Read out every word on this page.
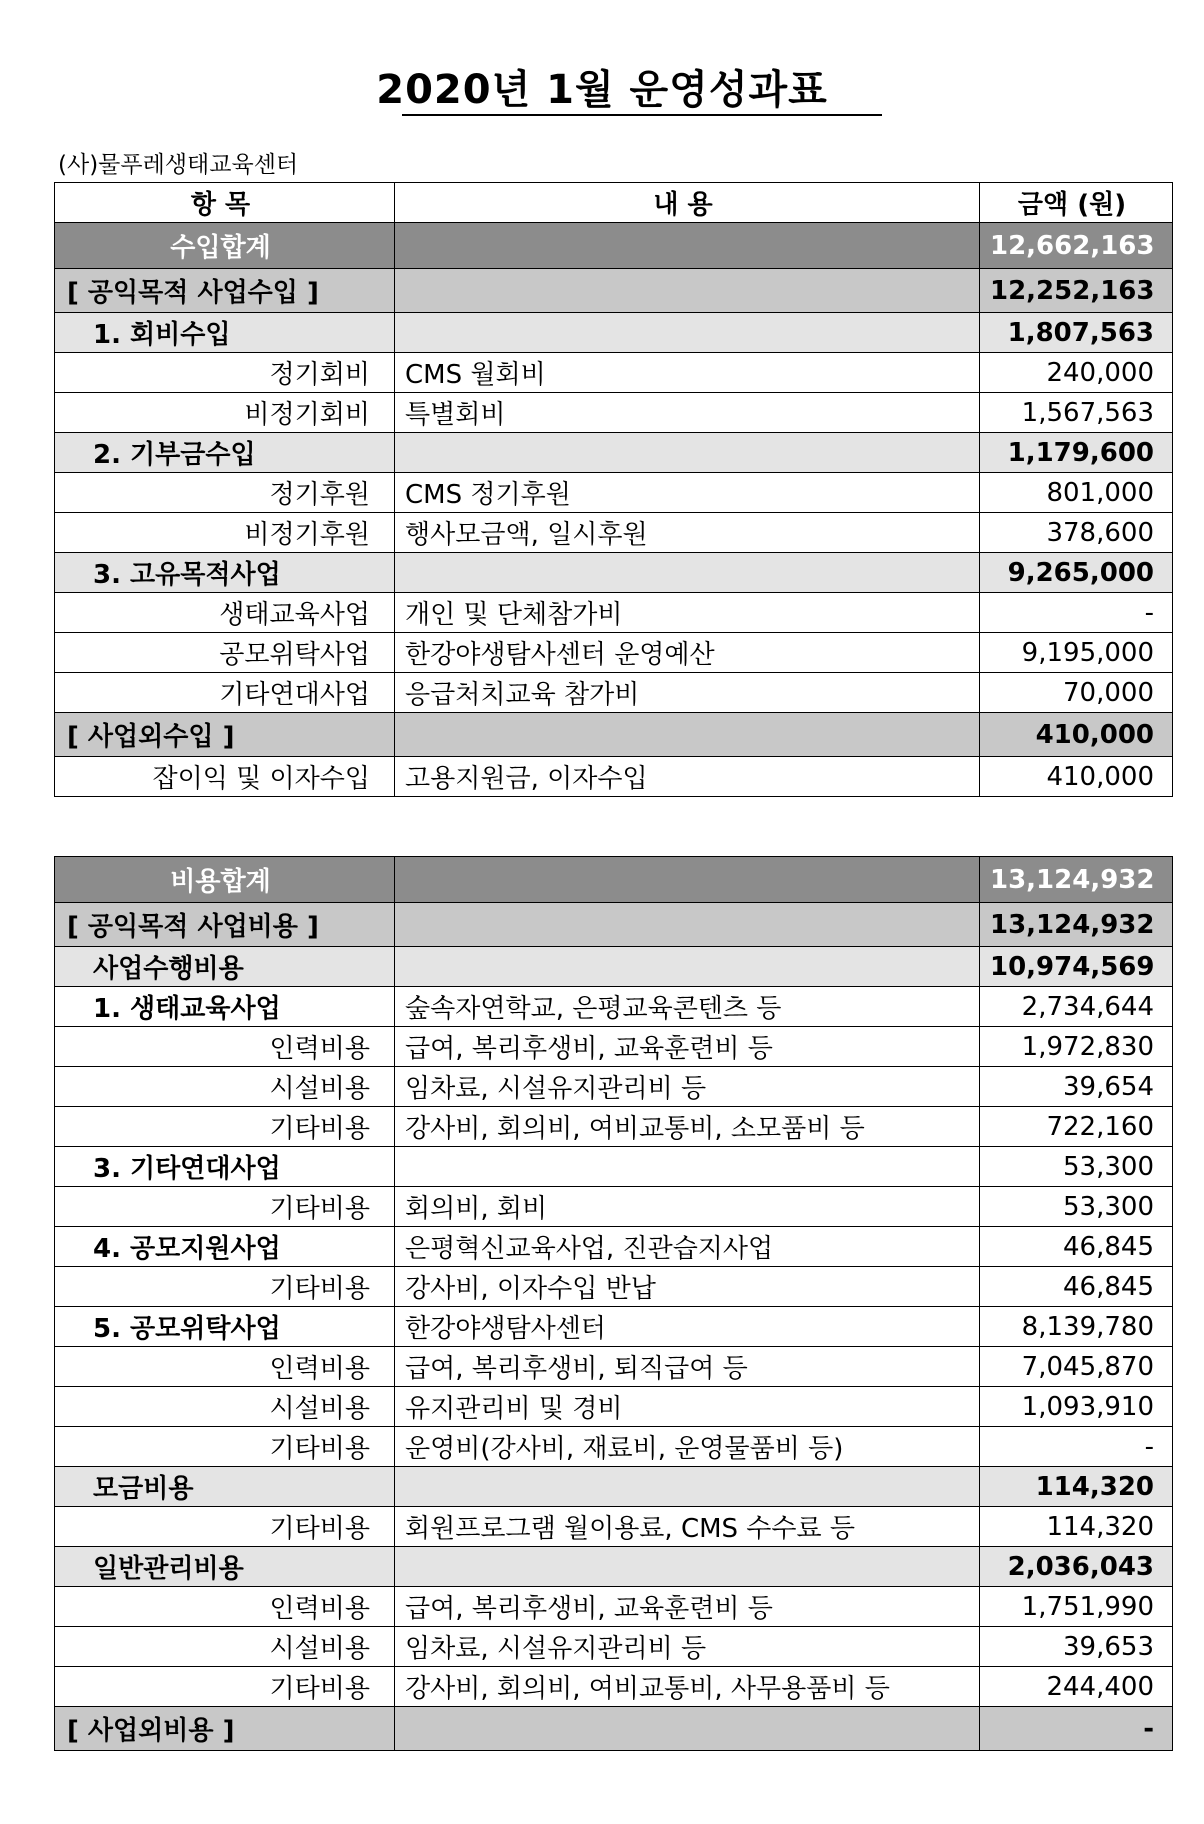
2020년 1월 운영성과표
(사)물푸레생태교육센터
항 목	내 용	금액 (원)
수입합계		12,662,163
[ 공익목적 사업수입 ]		12,252,163
1. 회비수입		1,807,563
정기회비	CMS 월회비	240,000
비정기회비	특별회비	1,567,563
2. 기부금수입		1,179,600
정기후원	CMS 정기후원	801,000
비정기후원	행사모금액, 일시후원	378,600
3. 고유목적사업		9,265,000
생태교육사업	개인 및 단체참가비	-
공모위탁사업	한강야생탐사센터 운영예산	9,195,000
기타연대사업	응급처치교육 참가비	70,000
[ 사업외수입 ]		410,000
잡이익 및 이자수입	고용지원금, 이자수입	410,000
비용합계		13,124,932
[ 공익목적 사업비용 ]		13,124,932
사업수행비용		10,974,569
1. 생태교육사업	숲속자연학교, 은평교육콘텐츠 등	2,734,644
인력비용	급여, 복리후생비, 교육훈련비 등	1,972,830
시설비용	임차료, 시설유지관리비 등	39,654
기타비용	강사비, 회의비, 여비교통비, 소모품비 등	722,160
3. 기타연대사업		53,300
기타비용	회의비, 회비	53,300
4. 공모지원사업	은평혁신교육사업, 진관습지사업	46,845
기타비용	강사비, 이자수입 반납	46,845
5. 공모위탁사업	한강야생탐사센터	8,139,780
인력비용	급여, 복리후생비, 퇴직급여 등	7,045,870
시설비용	유지관리비 및 경비	1,093,910
기타비용	운영비(강사비, 재료비, 운영물품비 등)	-
모금비용		114,320
기타비용	회원프로그램 월이용료, CMS 수수료 등	114,320
일반관리비용		2,036,043
인력비용	급여, 복리후생비, 교육훈련비 등	1,751,990
시설비용	임차료, 시설유지관리비 등	39,653
기타비용	강사비, 회의비, 여비교통비, 사무용품비 등	244,400
[ 사업외비용 ]		-
